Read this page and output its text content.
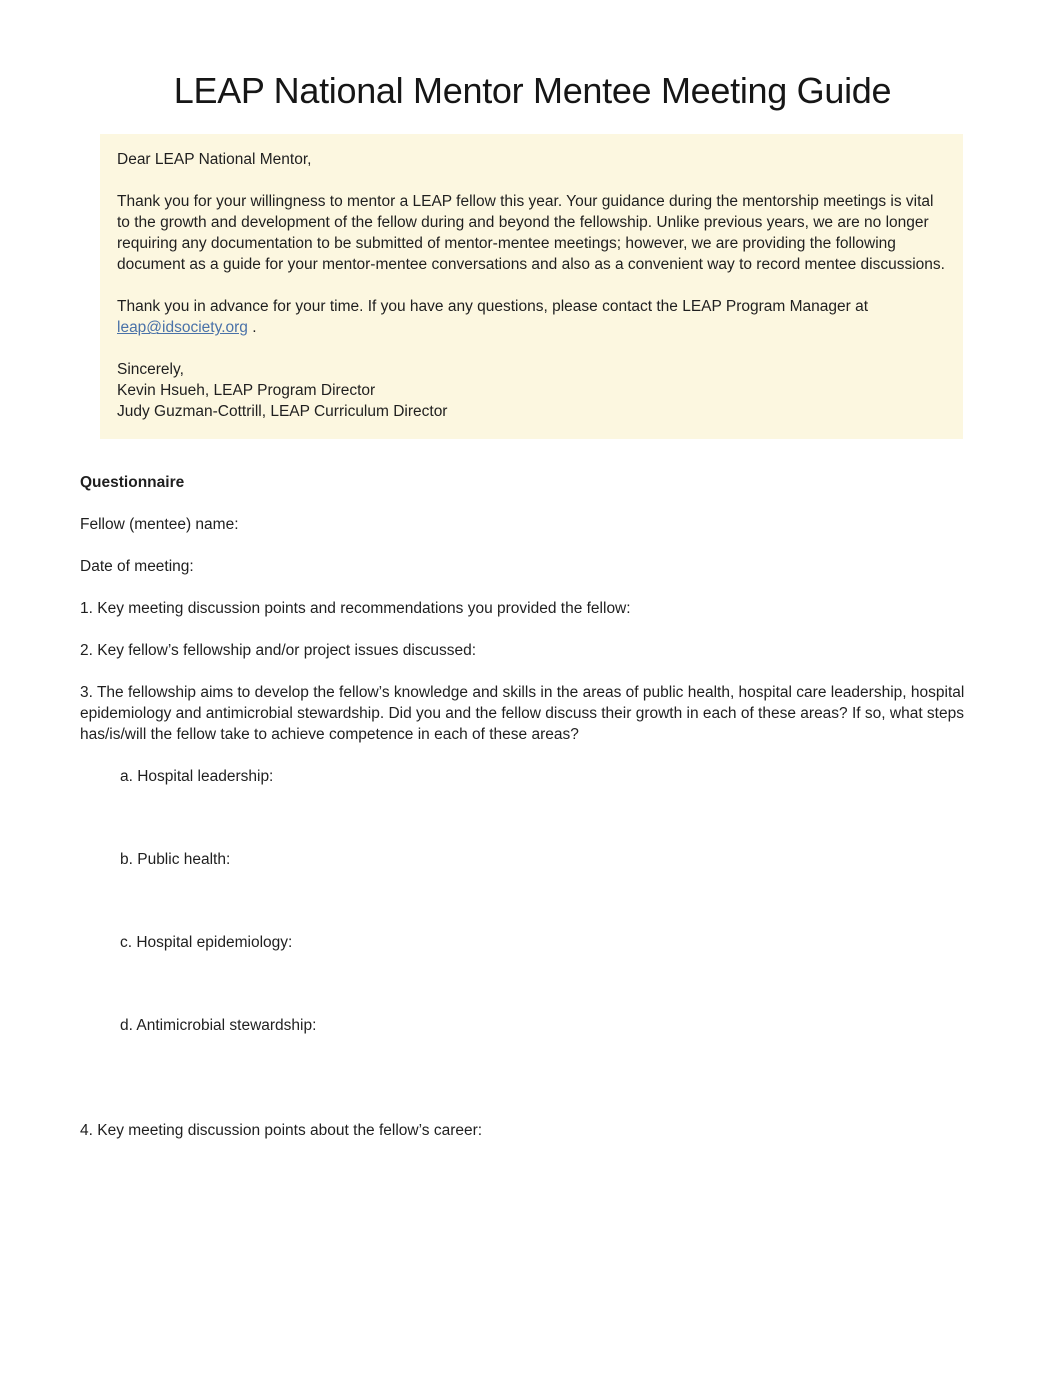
LEAP National Mentor Mentee Meeting Guide

Dear LEAP National Mentor,

Thank you for your willingness to mentor a LEAP fellow this year. Your guidance during the mentorship meetings is vital to the growth and development of the fellow during and beyond the fellowship. Unlike previous years, we are no longer requiring any documentation to be submitted of mentor-mentee meetings; however, we are providing the following document as a guide for your mentor-mentee conversations and also as a convenient way to record mentee discussions.

Thank you in advance for your time. If you have any questions, please contact the LEAP Program Manager at leap@idsociety.org .

Sincerely,
Kevin Hsueh, LEAP Program Director
Judy Guzman-Cottrill, LEAP Curriculum Director
Questionnaire
Fellow (mentee) name:
Date of meeting:
1. Key meeting discussion points and recommendations you provided the fellow:
2. Key fellow’s fellowship and/or project issues discussed:
3. The fellowship aims to develop the fellow’s knowledge and skills in the areas of public health, hospital care leadership, hospital epidemiology and antimicrobial stewardship. Did you and the fellow discuss their growth in each of these areas? If so, what steps has/is/will the fellow take to achieve competence in each of these areas?
a. Hospital leadership:
b. Public health:
c. Hospital epidemiology:
d. Antimicrobial stewardship:
4. Key meeting discussion points about the fellow’s career:
